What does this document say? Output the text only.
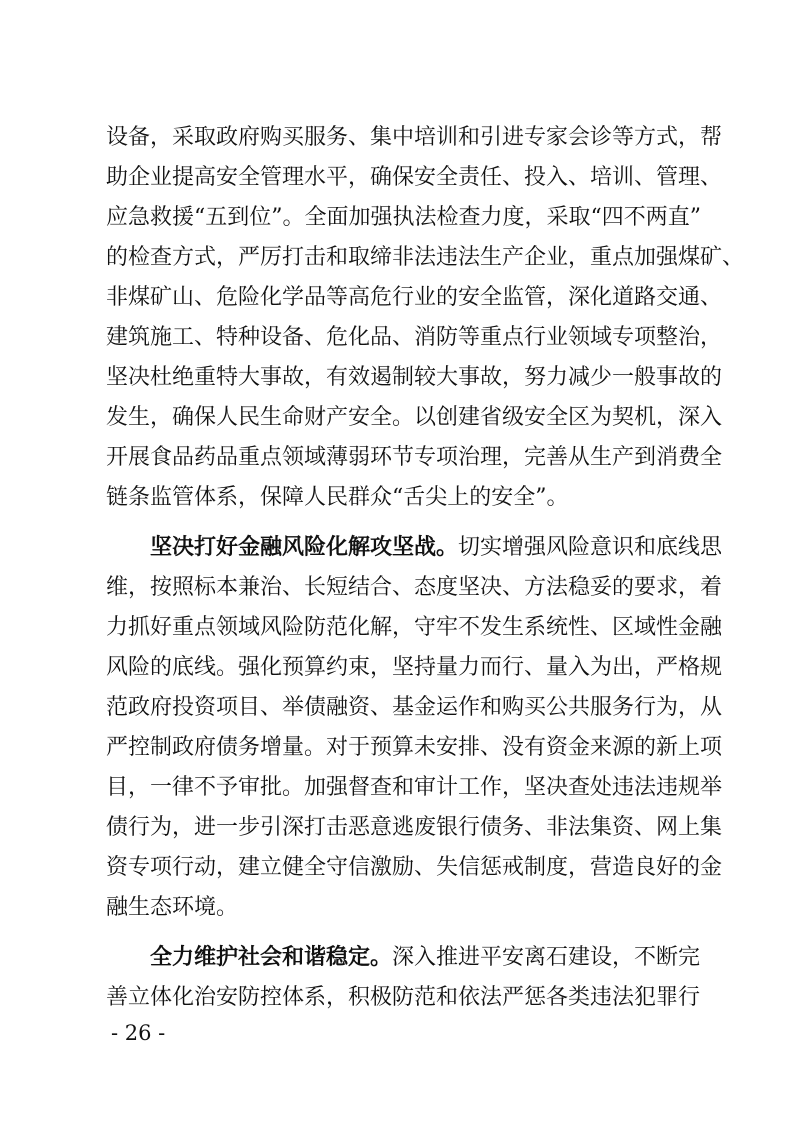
设备，采取政府购买服务、集中培训和引进专家会诊等方式，帮
助企业提高安全管理水平，确保安全责任、投入、培训、管理、
应急救援“五到位”。全面加强执法检查力度，采取“四不两直”
的检查方式，严厉打击和取缔非法违法生产企业，重点加强煤矿、
非煤矿山、危险化学品等高危行业的安全监管，深化道路交通、
建筑施工、特种设备、危化品、消防等重点行业领域专项整治，
坚决杜绝重特大事故，有效遏制较大事故，努力减少一般事故的
发生，确保人民生命财产安全。以创建省级安全区为契机，深入
开展食品药品重点领域薄弱环节专项治理，完善从生产到消费全
链条监管体系，保障人民群众“舌尖上的安全”。
坚决打好金融风险化解攻坚战。切实增强风险意识和底线思
维，按照标本兼治、长短结合、态度坚决、方法稳妥的要求，着
力抓好重点领域风险防范化解，守牢不发生系统性、区域性金融
风险的底线。强化预算约束，坚持量力而行、量入为出，严格规
范政府投资项目、举债融资、基金运作和购买公共服务行为，从
严控制政府债务增量。对于预算未安排、没有资金来源的新上项
目，一律不予审批。加强督查和审计工作，坚决查处违法违规举
债行为，进一步引深打击恶意逃废银行债务、非法集资、网上集
资专项行动，建立健全守信激励、失信惩戒制度，营造良好的金
融生态环境。
全力维护社会和谐稳定。深入推进平安离石建设，不断完
善立体化治安防控体系，积极防范和依法严惩各类违法犯罪行
- 26 -
